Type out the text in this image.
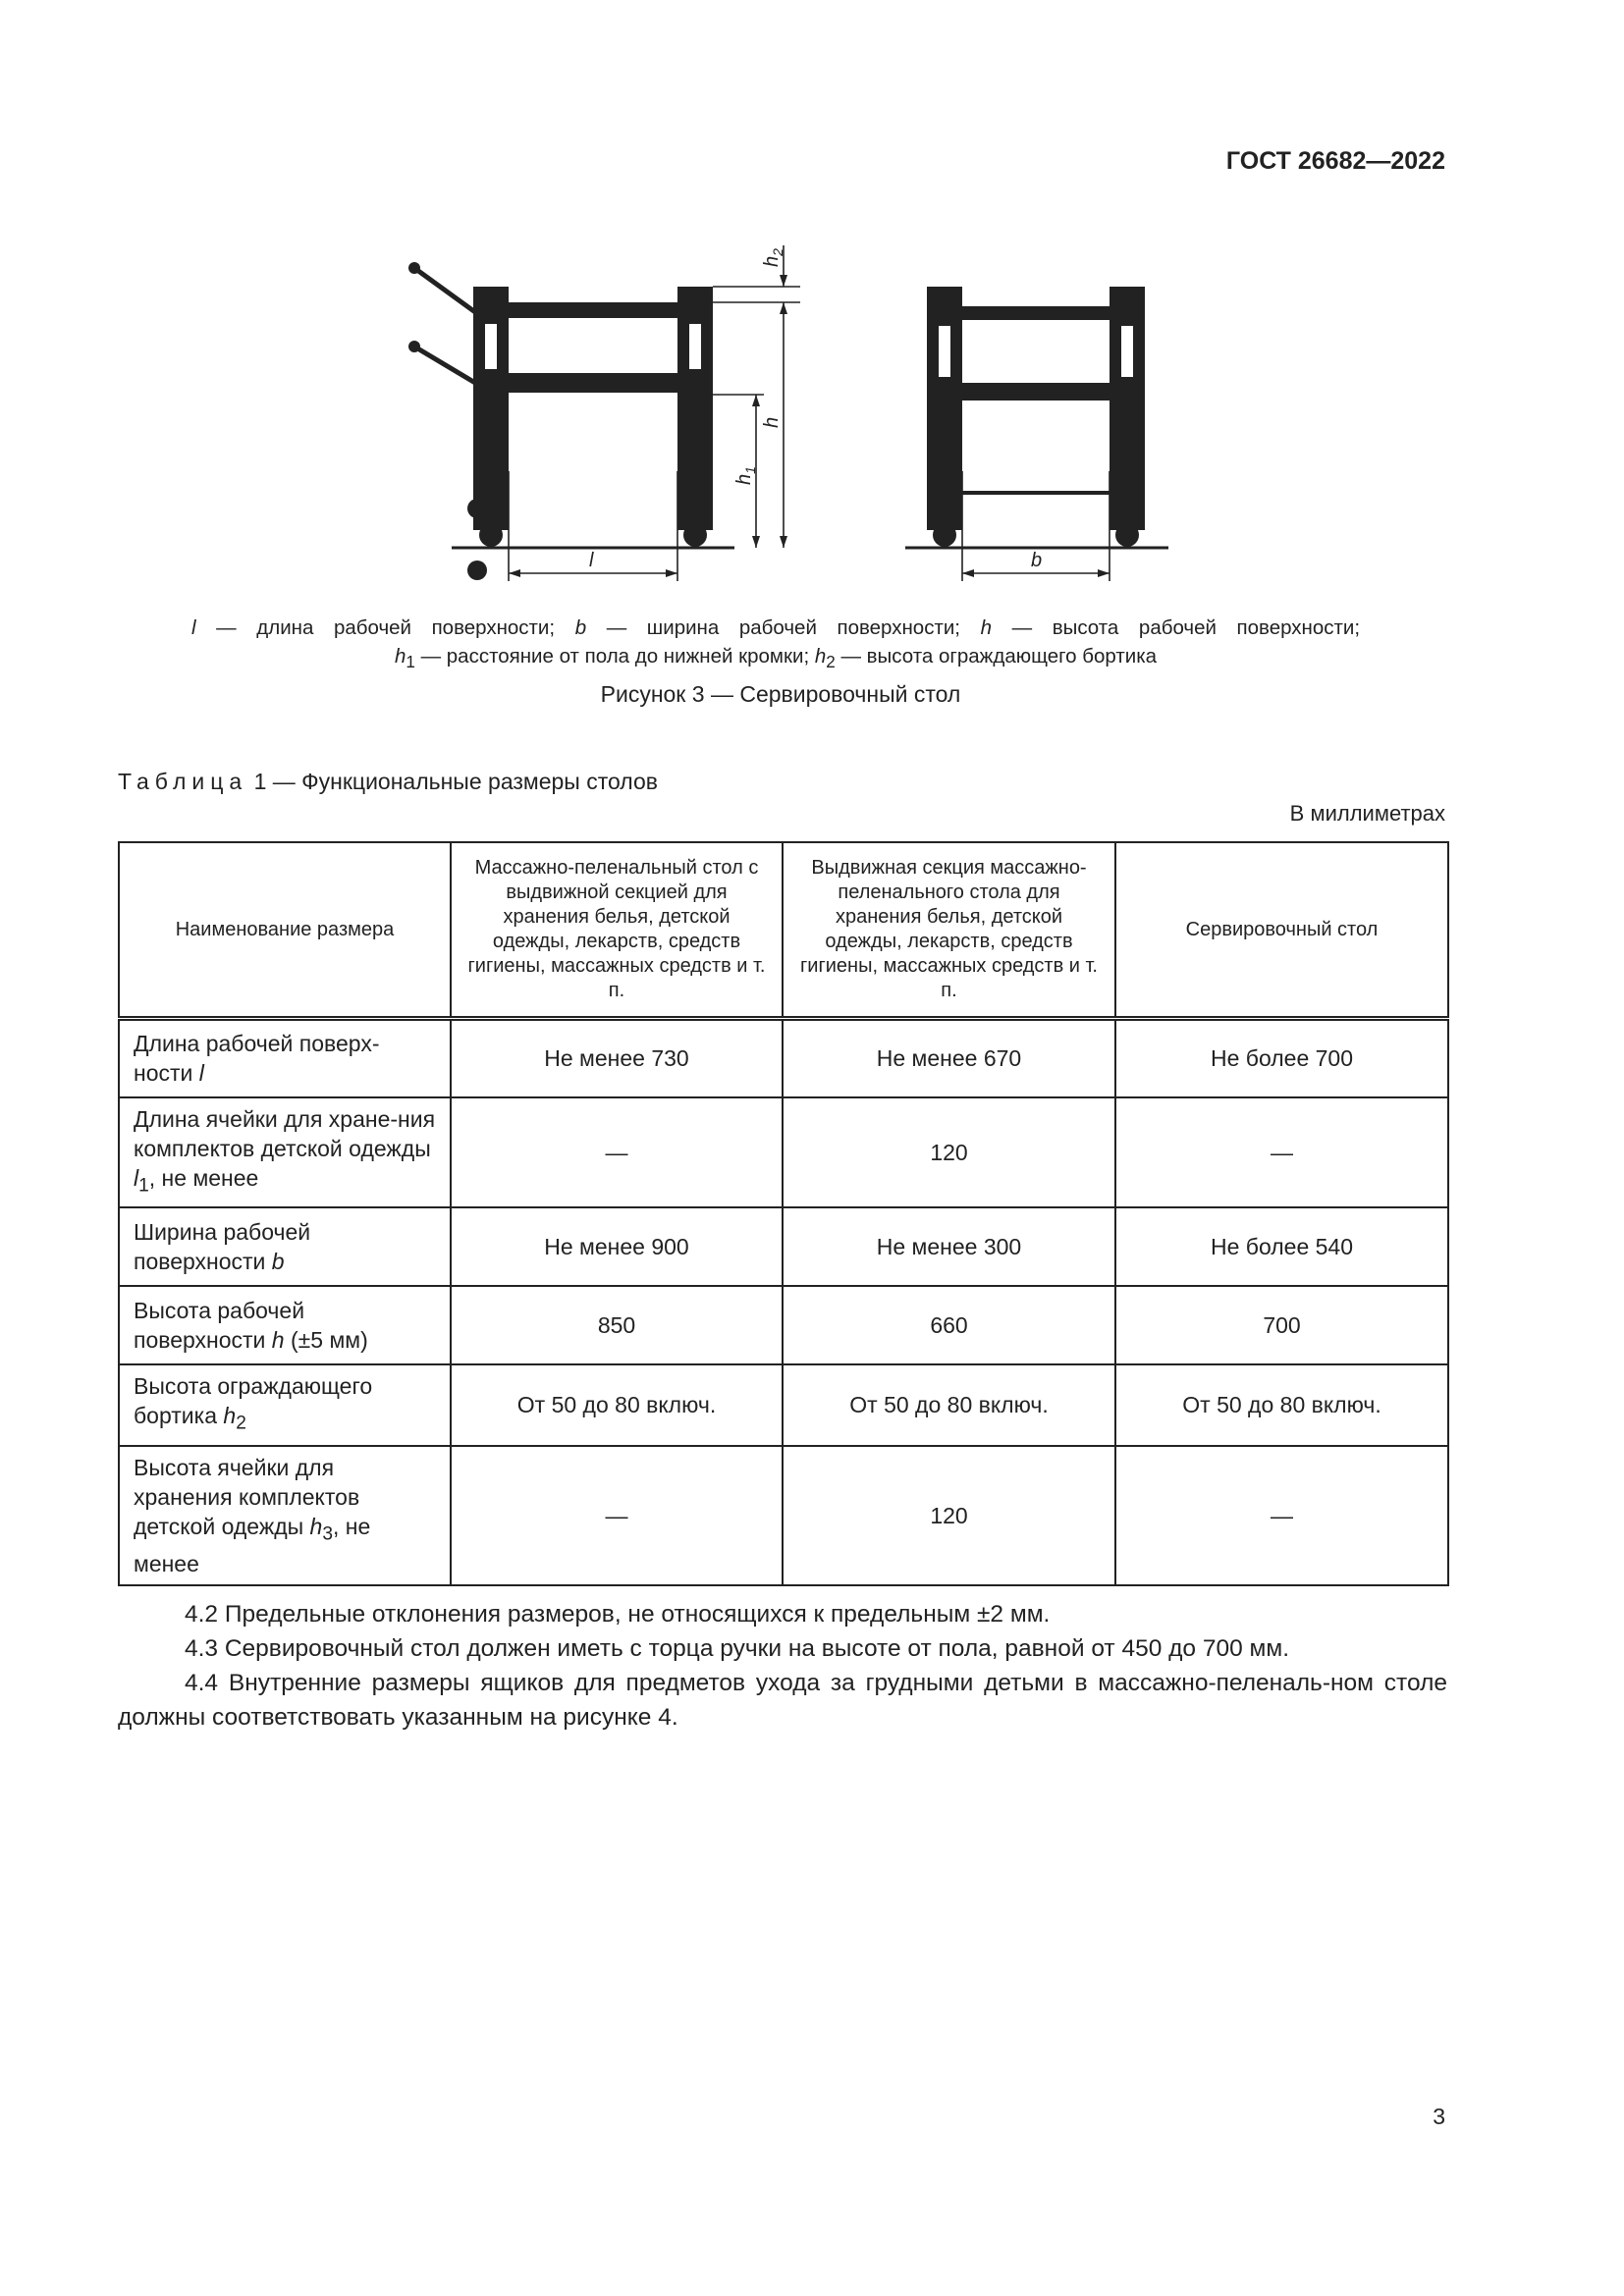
ГОСТ 26682—2022
$h_2$
h
$h_1$
l	b
l — длина рабочей поверхности; b — ширина рабочей поверхности; h — высота рабочей поверхности;
$h_1$ — расстояние от пола до нижней кромки; $h_2$ — высота ограждающего бортика
Рисунок 3 — Сервировочный стол
Таблица 1 — Функциональные размеры столов
В миллиметрах
Наименование размера	Массажно-пеленальный стол с выдвижной секцией для хранения белья, детской одежды, лекарств, средств гигиены, массажных средств и т. п.	Выдвижная секция массажно-пеленального стола для хранения белья, детской одежды, лекарств, средств гигиены, массажных средств и т. п.	Сервировочный стол
Длина рабочей поверх-ности l	Не менее 730	Не менее 670	Не более 700
Длина ячейки для хране-ния комплектов детской одежды $l_1$, не менее	—	120	—
Ширина рабочей поверхности b	Не менее 900	Не менее 300	Не более 540
Высота рабочей поверхности h (±5 мм)	850	660	700
Высота ограждающего бортика $h_2$	От 50 до 80 включ.	От 50 до 80 включ.	От 50 до 80 включ.
Высота ячейки для хранения комплектов детской одежды $h_3$, не менее	—	120	—

4.2 Предельные отклонения размеров, не относящихся к предельным ±2 мм.

4.3 Сервировочный стол должен иметь с торца ручки на высоте от пола, равной от 450 до 700 мм.

4.4 Внутренние размеры ящиков для предметов ухода за грудными детьми в массажно-пеленаль-ном столе должны соответствовать указанным на рисунке 4.

3
